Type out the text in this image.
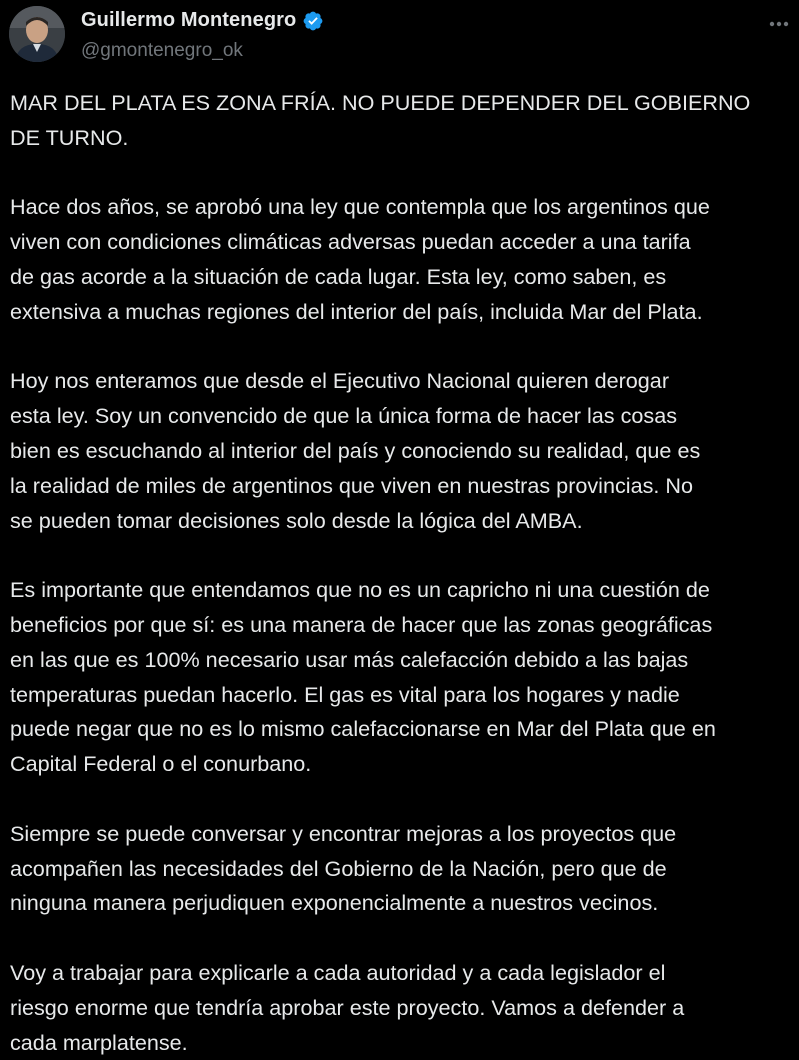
Guillermo Montenegro
@gmontenegro_ok

MAR DEL PLATA ES ZONA FRÍA. NO PUEDE DEPENDER DEL GOBIERNO
DE TURNO.

Hace dos años, se aprobó una ley que contempla que los argentinos que
viven con condiciones climáticas adversas puedan acceder a una tarifa
de gas acorde a la situación de cada lugar. Esta ley, como saben, es
extensiva a muchas regiones del interior del país, incluida Mar del Plata.

Hoy nos enteramos que desde el Ejecutivo Nacional quieren derogar
esta ley. Soy un convencido de que la única forma de hacer las cosas
bien es escuchando al interior del país y conociendo su realidad, que es
la realidad de miles de argentinos que viven en nuestras provincias. No
se pueden tomar decisiones solo desde la lógica del AMBA.

Es importante que entendamos que no es un capricho ni una cuestión de
beneficios por que sí: es una manera de hacer que las zonas geográficas
en las que es 100% necesario usar más calefacción debido a las bajas
temperaturas puedan hacerlo. El gas es vital para los hogares y nadie
puede negar que no es lo mismo calefaccionarse en Mar del Plata que en
Capital Federal o el conurbano.

Siempre se puede conversar y encontrar mejoras a los proyectos que
acompañen las necesidades del Gobierno de la Nación, pero que de
ninguna manera perjudiquen exponencialmente a nuestros vecinos.

Voy a trabajar para explicarle a cada autoridad y a cada legislador el
riesgo enorme que tendría aprobar este proyecto. Vamos a defender a
cada marplatense.
